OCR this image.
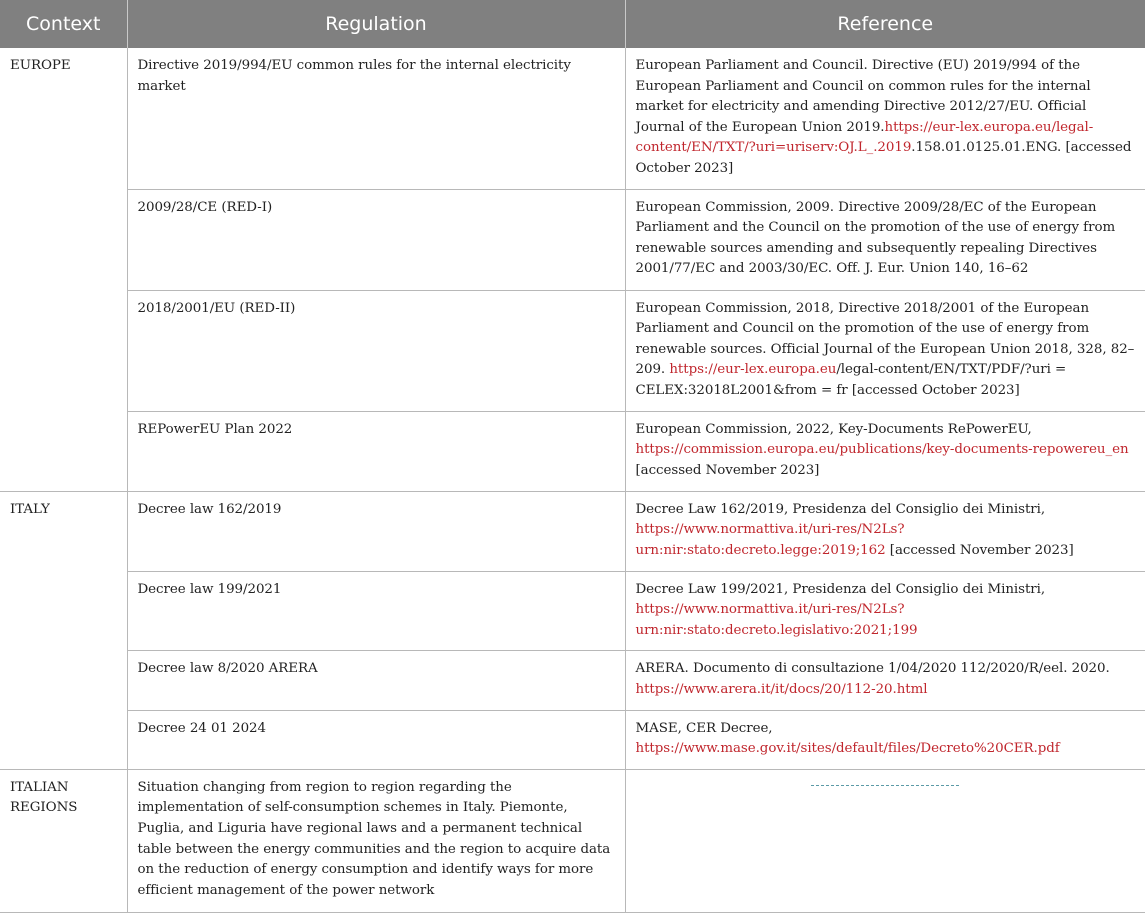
Context	Regulation	Reference
EUROPE	Directive 2019/994/EU common rules for the internal electricity market	European Parliament and Council. Directive (EU) 2019/994 of the European Parliament and Council on common rules for the internal market for electricity and amending Directive 2012/27/EU. Official Journal of the European Union 2019.https://eur-lex.europa.eu/legal-content/EN/TXT/?uri=uriserv:OJ.L_.2019.158.01.0125.01.ENG. [accessed October 2023]
	2009/28/CE (RED-I)	European Commission, 2009. Directive 2009/28/EC of the European Parliament and the Council on the promotion of the use of energy from renewable sources amending and subsequently repealing Directives 2001/77/EC and 2003/30/EC. Off. J. Eur. Union 140, 16–62
	2018/2001/EU (RED-II)	European Commission, 2018, Directive 2018/2001 of the European Parliament and Council on the promotion of the use of energy from renewable sources. Official Journal of the European Union 2018, 328, 82–209. https://eur-lex.europa.eu/legal-content/EN/TXT/PDF/?uri = CELEX:32018L2001&from = fr [accessed October 2023]
	REPowerEU Plan 2022	European Commission, 2022, Key-Documents RePowerEU, https://commission.europa.eu/publications/key-documents-repowereu_en [accessed November 2023]
ITALY	Decree law 162/2019	Decree Law 162/2019, Presidenza del Consiglio dei Ministri, https://www.normattiva.it/uri-res/N2Ls?urn:nir:stato:decreto.legge:2019;162 [accessed November 2023]
	Decree law 199/2021	Decree Law 199/2021, Presidenza del Consiglio dei Ministri, https://www.normattiva.it/uri-res/N2Ls?urn:nir:stato:decreto.legislativo:2021;199
	Decree law 8/2020 ARERA	ARERA. Documento di consultazione 1/04/2020 112/2020/R/eel. 2020. https://www.arera.it/it/docs/20/112-20.html
	Decree 24 01 2024	MASE, CER Decree, https://www.mase.gov.it/sites/default/files/Decreto%20CER.pdf
ITALIAN REGIONS	Situation changing from region to region regarding the implementation of self-consumption schemes in Italy. Piemonte, Puglia, and Liguria have regional laws and a permanent technical table between the energy communities and the region to acquire data on the reduction of energy consumption and identify ways for more efficient management of the power network	
